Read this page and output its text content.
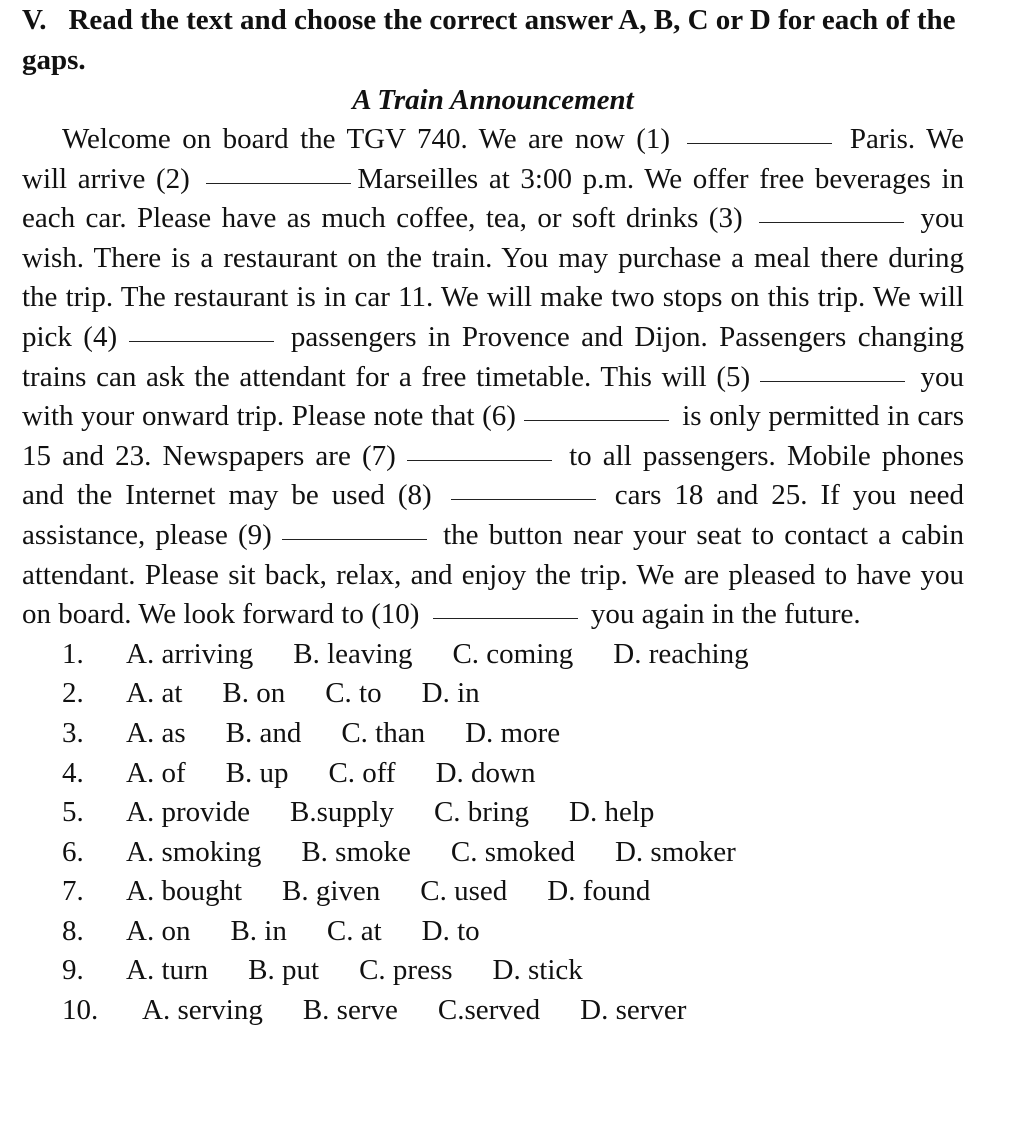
V. Read the text and choose the correct answer A, B, C or D for each of the gaps.

A Train Announcement

Welcome on board the TGV 740. We are now (1)	Paris. We will arrive (2)	Marseilles at 3:00 p.m. We offer free beverages in each car. Please have as much coffee, tea, or soft drinks (3)	you wish. There is a restaurant on the train. You may purchase a meal there during the trip. The restaurant is in car 11. We will make two stops on this trip. We will pick (4)	passengers in Provence and Dijon. Passengers changing trains can ask the attendant for a free timetable. This will (5)	you with your onward trip. Please note that (6)	is only permitted in cars 15 and 23. Newspapers are (7)	to all passengers. Mobile phones and the Internet may be used (8)	cars 18 and 25. If you need assistance, please (9)	the button near your seat to contact a cabin attendant. Please sit back, relax, and enjoy the trip. We are pleased to have you on board. We look forward to (10)	you again in the future.

1.	A. arriving B. leaving C. coming D. reaching
2.	A. at B. on C. to D. in
3.	A. as B. and C. than D. more
4.	A. of B. up C. off D. down
5.	A. provide B.supply C. bring D. help
6.	A. smoking B. smoke C. smoked D. smoker
7.	A. bought B. given C. used D. found
8.	A. on B. in C. at D. to
9.	A. turn B. put C. press D. stick
10.	A. serving B. serve C.served D. server
